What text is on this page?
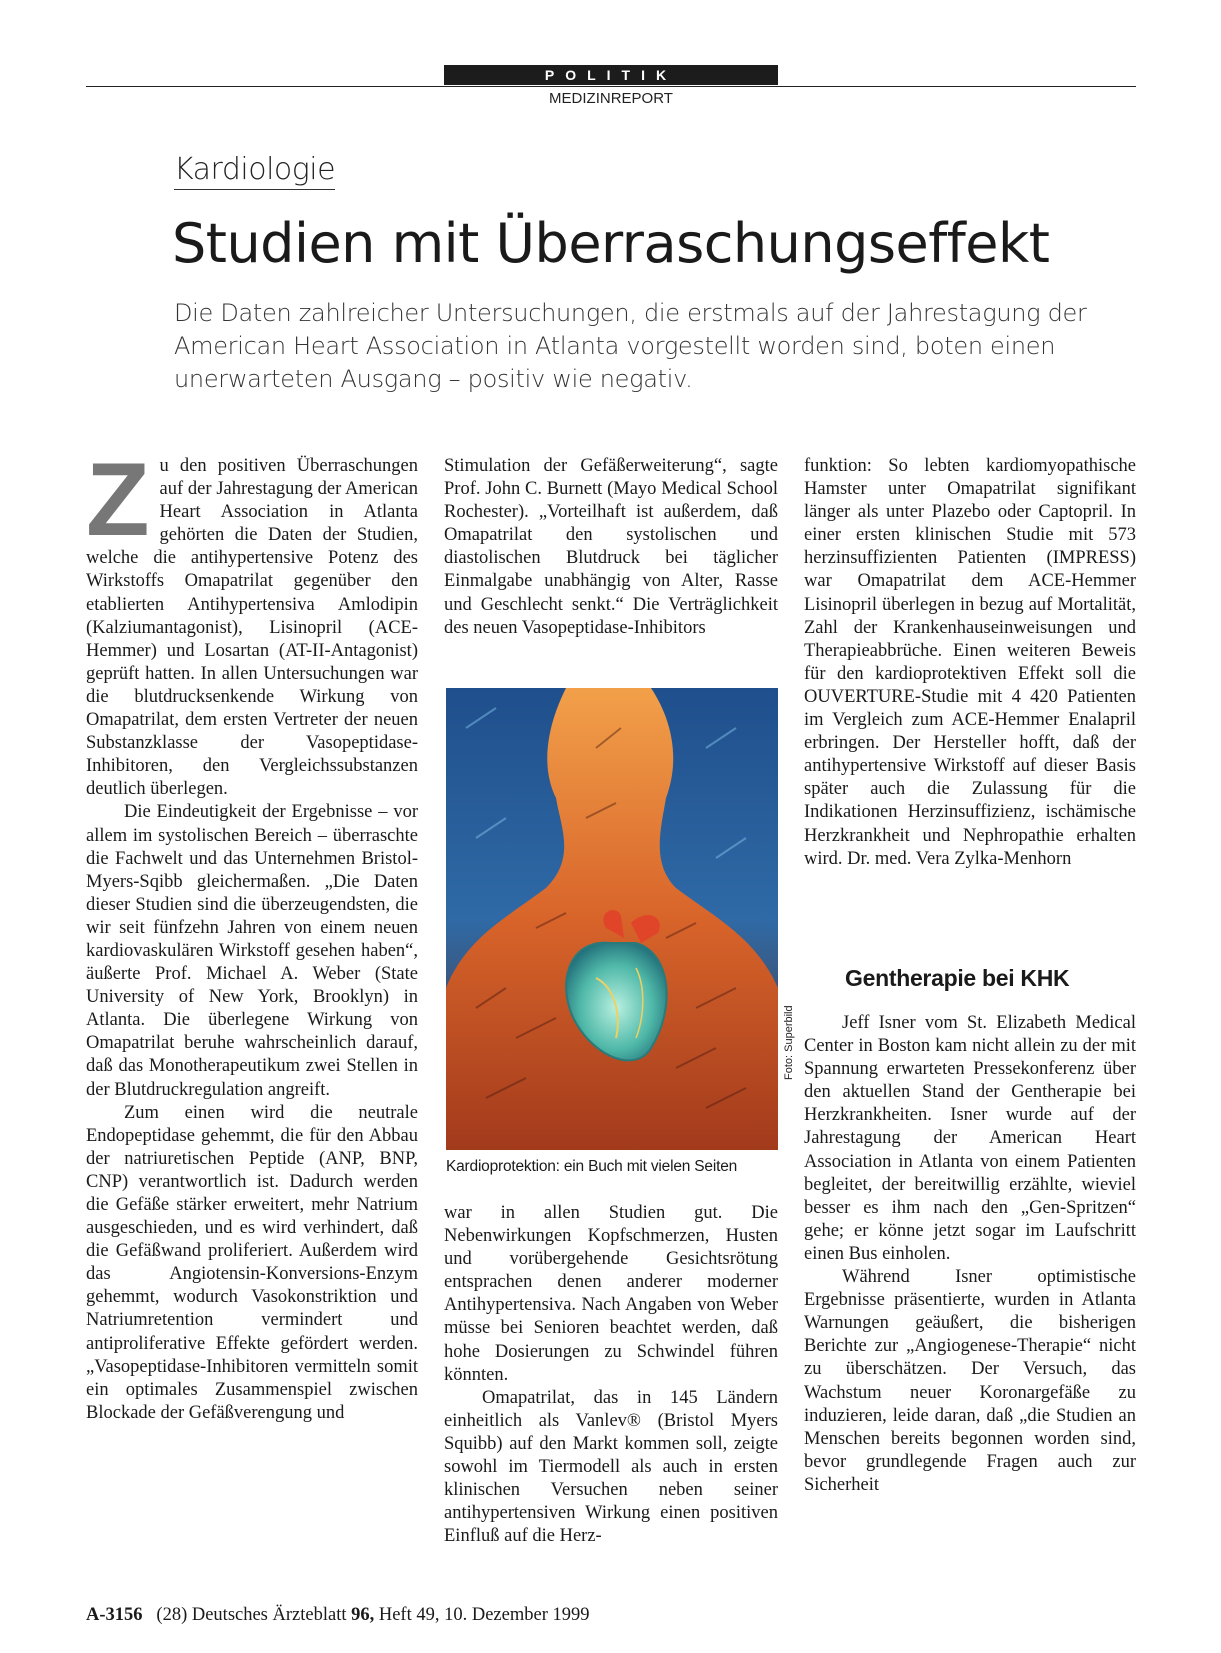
POLITIK
MEDIZINREPORT
Kardiologie
Studien mit Überraschungseffekt
Die Daten zahlreicher Untersuchungen, die erstmals auf der Jahrestagung der American Heart Association in Atlanta vorgestellt worden sind, boten einen unerwarteten Ausgang – positiv wie negativ.

Zu den positiven Überraschungen auf der Jahrestagung der American Heart Association in Atlanta gehörten die Daten der Studien, welche die antihypertensive Potenz des Wirkstoffs Omapatrilat gegenüber den etablierten Antihypertensiva Amlodipin (Kalziumantagonist), Lisinopril (ACE-Hemmer) und Losartan (AT-II-Antagonist) geprüft hatten. In allen Untersuchungen war die blutdrucksenkende Wirkung von Omapatrilat, dem ersten Vertreter der neuen Substanzklasse der Vasopeptidase-Inhibitoren, den Vergleichssubstanzen deutlich überlegen.

Die Eindeutigkeit der Ergebnisse – vor allem im systolischen Bereich – überraschte die Fachwelt und das Unternehmen Bristol-Myers-Sqibb gleichermaßen. „Die Daten dieser Studien sind die überzeugendsten, die wir seit fünfzehn Jahren von einem neuen kardiovaskulären Wirkstoff gesehen haben“, äußerte Prof. Michael A. Weber (State University of New York, Brooklyn) in Atlanta. Die überlegene Wirkung von Omapatrilat beruhe wahrscheinlich darauf, daß das Monotherapeutikum zwei Stellen in der Blutdruckregulation angreift.

Zum einen wird die neutrale Endopeptidase gehemmt, die für den Abbau der natriuretischen Peptide (ANP, BNP, CNP) verantwortlich ist. Dadurch werden die Gefäße stärker erweitert, mehr Natrium ausgeschieden, und es wird verhindert, daß die Gefäßwand proliferiert. Außerdem wird das Angiotensin-Konversions-Enzym gehemmt, wodurch Vasokonstriktion und Natriumretention vermindert und antiproliferative Effekte gefördert werden. „Vasopeptidase-Inhibitoren vermitteln somit ein optimales Zusammenspiel zwischen Blockade der Gefäßverengung und

Stimulation der Gefäßerweiterung“, sagte Prof. John C. Burnett (Mayo Medical School Rochester). „Vorteilhaft ist außerdem, daß Omapatrilat den systolischen und diastolischen Blutdruck bei täglicher Einmalgabe unabhängig von Alter, Rasse und Geschlecht senkt.“ Die Verträglichkeit des neuen Vasopeptidase-Inhibitors

Foto: Superbild
Kardioprotektion: ein Buch mit vielen Seiten

war in allen Studien gut. Die Nebenwirkungen Kopfschmerzen, Husten und vorübergehende Gesichtsrötung entsprachen denen anderer moderner Antihypertensiva. Nach Angaben von Weber müsse bei Senioren beachtet werden, daß hohe Dosierungen zu Schwindel führen könnten.

Omapatrilat, das in 145 Ländern einheitlich als Vanlev® (Bristol Myers Squibb) auf den Markt kommen soll, zeigte sowohl im Tiermodell als auch in ersten klinischen Versuchen neben seiner antihypertensiven Wirkung einen positiven Einfluß auf die Herz-

funktion: So lebten kardiomyopathische Hamster unter Omapatrilat signifikant länger als unter Plazebo oder Captopril. In einer ersten klinischen Studie mit 573 herzinsuffizienten Patienten (IMPRESS) war Omapatrilat dem ACE-Hemmer Lisinopril überlegen in bezug auf Mortalität, Zahl der Krankenhauseinweisungen und Therapieabbrüche. Einen weiteren Beweis für den kardioprotektiven Effekt soll die OUVERTURE-Studie mit 4 420 Patienten im Vergleich zum ACE-Hemmer Enalapril erbringen. Der Hersteller hofft, daß der antihypertensive Wirkstoff auf dieser Basis später auch die Zulassung für die Indikationen Herzinsuffizienz, ischämische Herzkrankheit und Nephropathie erhalten wird. Dr. med. Vera Zylka-Menhorn

Gentherapie bei KHK

Jeff Isner vom St. Elizabeth Medical Center in Boston kam nicht allein zu der mit Spannung erwarteten Pressekonferenz über den aktuellen Stand der Gentherapie bei Herzkrankheiten. Isner wurde auf der Jahrestagung der American Heart Association in Atlanta von einem Patienten begleitet, der bereitwillig erzählte, wieviel besser es ihm nach den „Gen-Spritzen“ gehe; er könne jetzt sogar im Laufschritt einen Bus einholen.

Während Isner optimistische Ergebnisse präsentierte, wurden in Atlanta Warnungen geäußert, die bisherigen Berichte zur „Angiogenese-Therapie“ nicht zu überschätzen. Der Versuch, das Wachstum neuer Koronargefäße zu induzieren, leide daran, daß „die Studien an Menschen bereits begonnen worden sind, bevor grundlegende Fragen auch zur Sicherheit

A-3156 (28) Deutsches Ärzteblatt 96, Heft 49, 10. Dezember 1999
